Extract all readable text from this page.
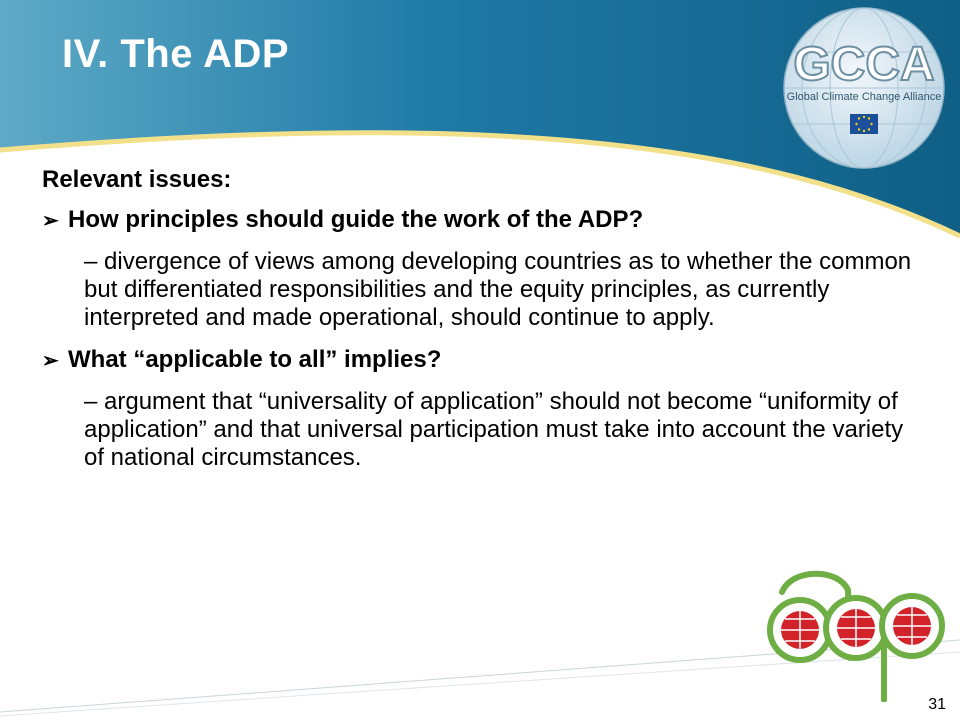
IV. The ADP	GCCA
Global Climate Change Alliance

Relevant issues:

➢ How principles should guide the work of the ADP?

– divergence of views among developing countries as to whether the common but differentiated responsibilities and the equity principles, as currently interpreted and made operational, should continue to apply.

➢ What “applicable to all” implies?

– argument that “universality of application” should not become “uniformity of application” and that universal participation must take into account the variety of national circumstances.

adp
31
